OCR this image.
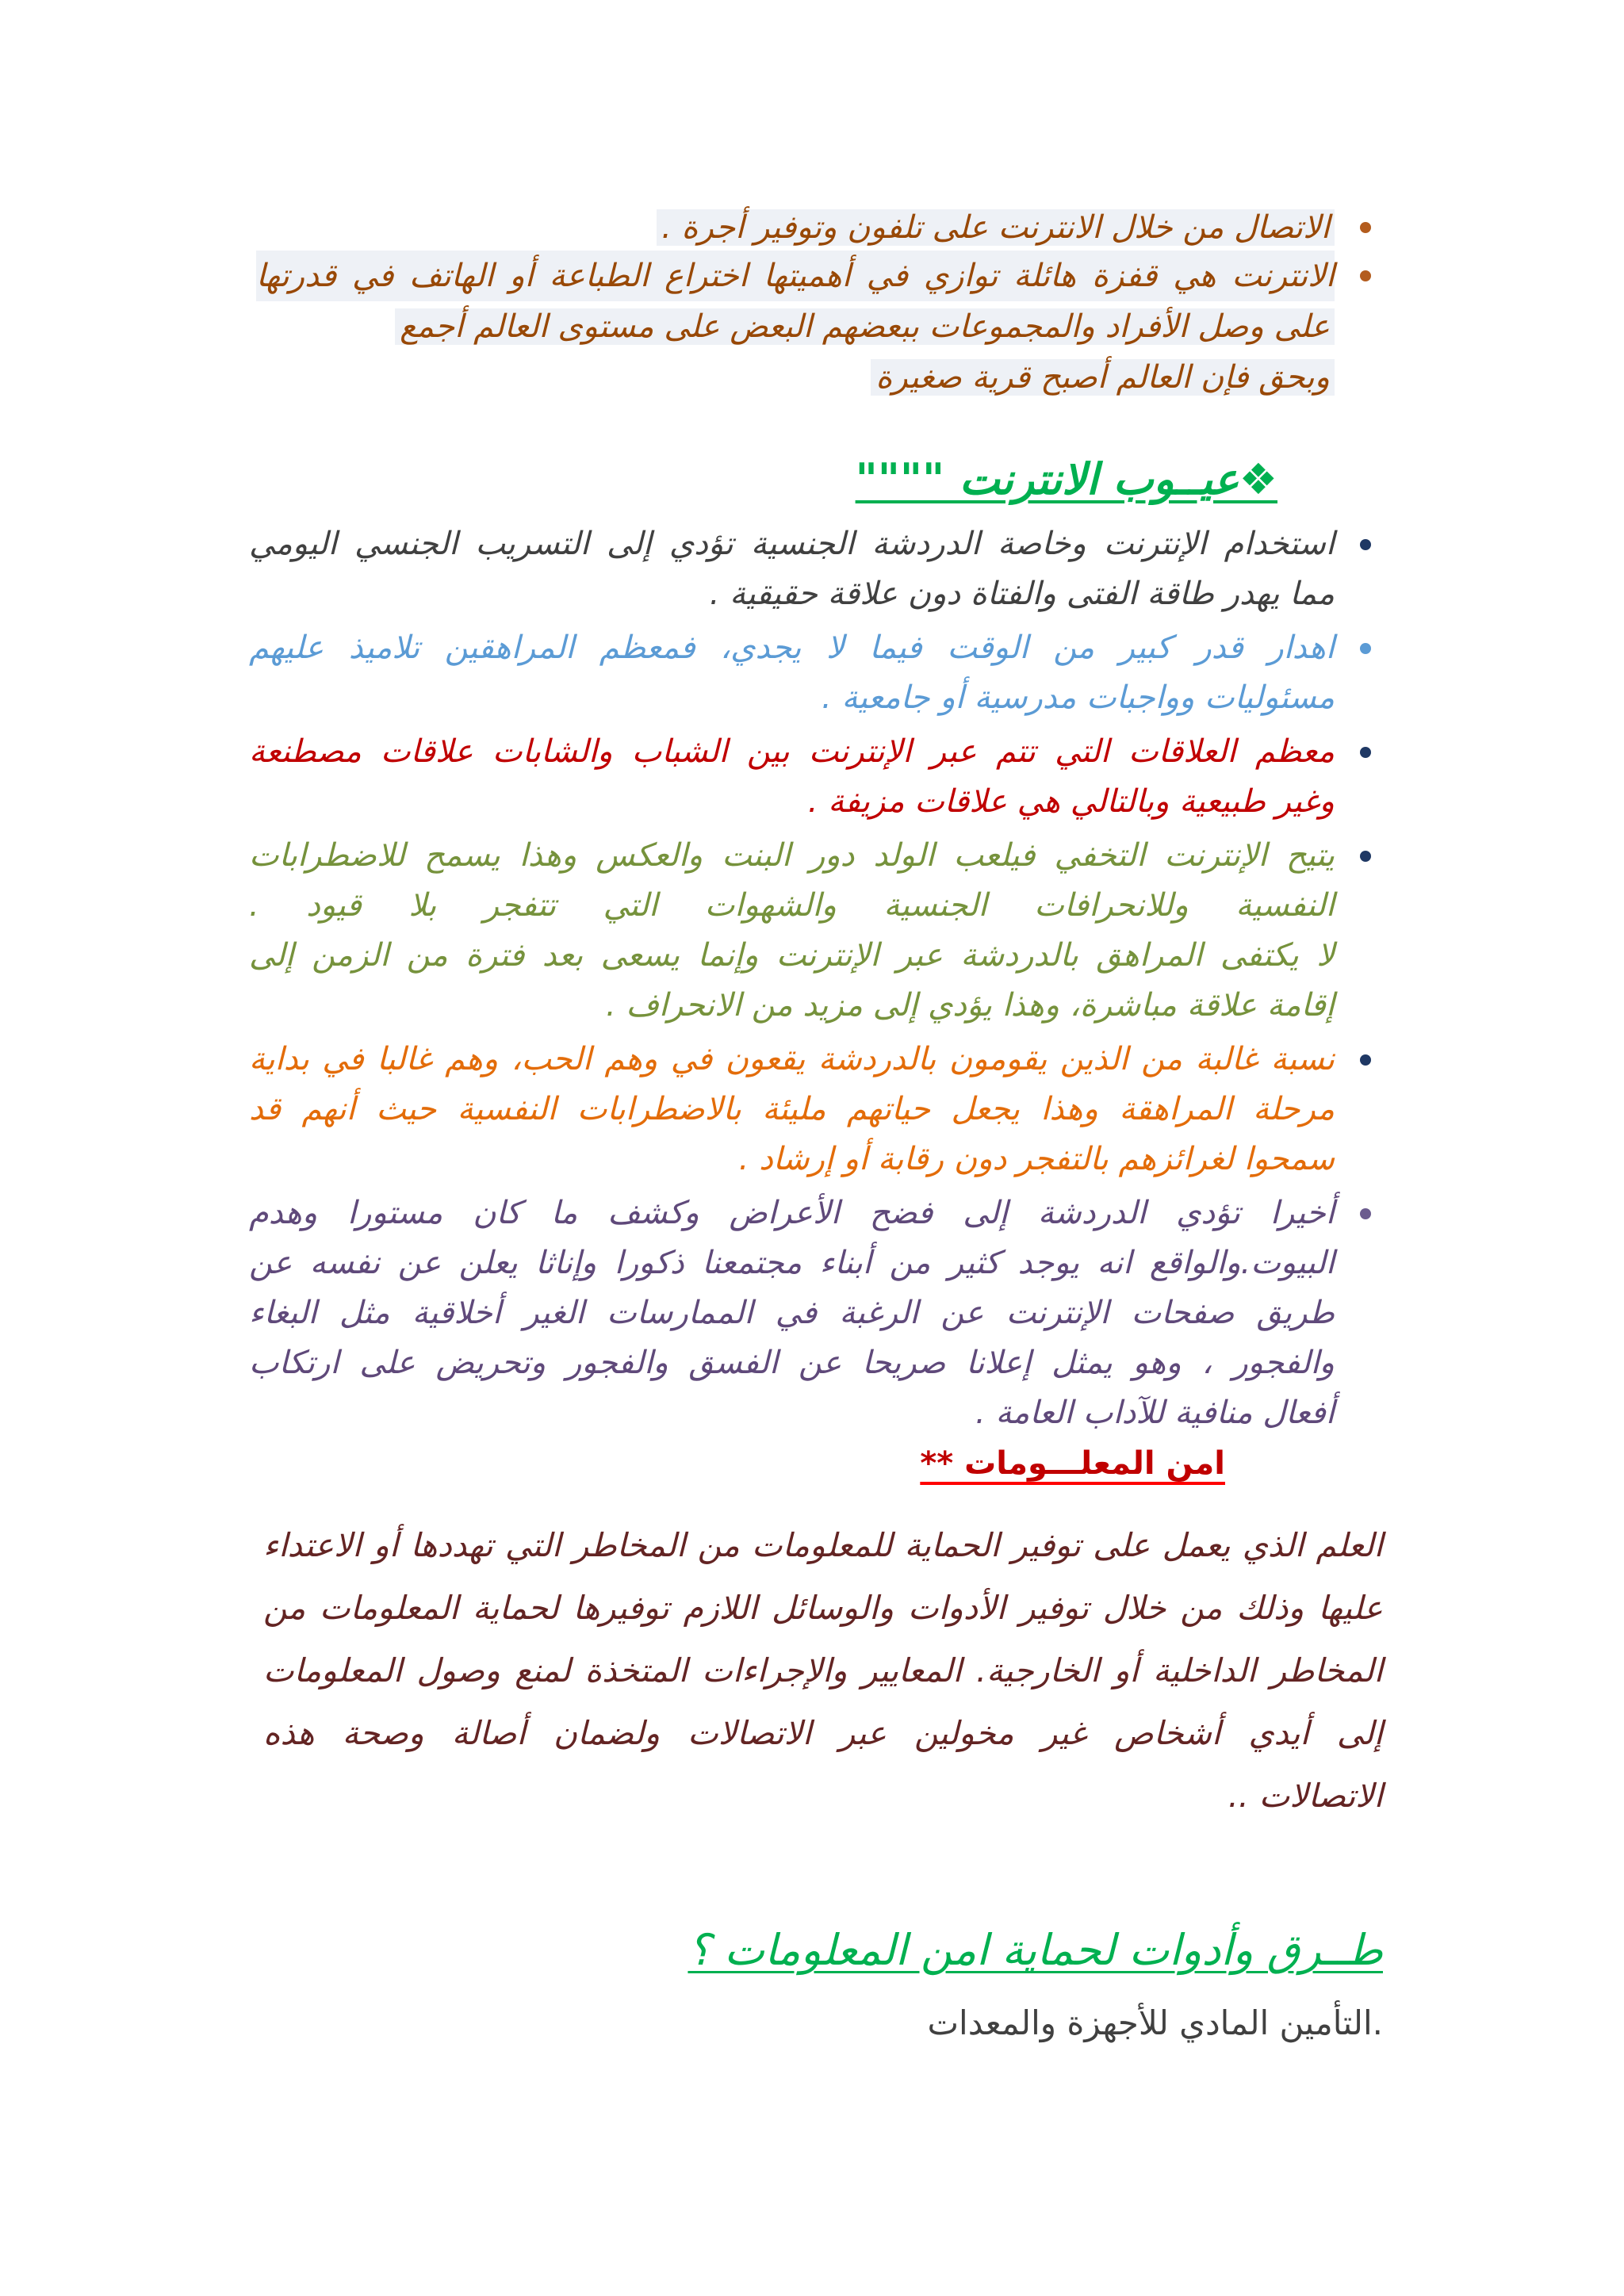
الاتصال من خلال الانترنت على تلفون وتوفير أجرة .
الانترنت هي قفزة هائلة توازي في أهميتها اختراع الطباعة أو الهاتف في قدرتها
على وصل الأفراد والمجموعات ببعضهم البعض على مستوى العالم أجمع
وبحق فإن العالم أصبح قرية صغيرة
❖عيــوب الانترنت """"
استخدام الإنترنت وخاصة الدردشة الجنسية تؤدي إلى التسريب الجنسي اليومي
مما يهدر طاقة الفتى والفتاة دون علاقة حقيقية .
اهدار قدر كبير من الوقت فيما لا يجدي، فمعظم المراهقين تلاميذ عليهم
مسئوليات وواجبات مدرسية أو جامعية .
معظم العلاقات التي تتم عبر الإنترنت بين الشباب والشابات علاقات مصطنعة
وغير طبيعية وبالتالي هي علاقات مزيفة .
يتيح الإنترنت التخفي فيلعب الولد دور البنت والعكس وهذا يسمح للاضطرابات
النفسية وللانحرافات الجنسية والشهوات التي تتفجر بلا قيود .
لا يكتفى المراهق بالدردشة عبر الإنترنت وإنما يسعى بعد فترة من الزمن إلى
إقامة علاقة مباشرة، وهذا يؤدي إلى مزيد من الانحراف .
نسبة غالبة من الذين يقومون بالدردشة يقعون في وهم الحب، وهم غالبا في بداية
مرحلة المراهقة وهذا يجعل حياتهم مليئة بالاضطرابات النفسية حيث أنهم قد
سمحوا لغرائزهم بالتفجر دون رقابة أو إرشاد .
أخيرا تؤدي الدردشة إلى فضح الأعراض وكشف ما كان مستورا وهدم
البيوت.والواقع انه يوجد كثير من أبناء مجتمعنا ذكورا وإناثا يعلن عن نفسه عن
طريق صفحات الإنترنت عن الرغبة في الممارسات الغير أخلاقية مثل البغاء
والفجور ، وهو يمثل إعلانا صريحا عن الفسق والفجور وتحريض على ارتكاب
أفعال منافية للآداب العامة .
امن المعلـــومات **
العلم الذي يعمل على توفير الحماية للمعلومات من المخاطر التي تهددها أو الاعتداء
عليها وذلك من خلال توفير الأدوات والوسائل اللازم توفيرها لحماية المعلومات من
المخاطر الداخلية أو الخارجية. المعايير والإجراءات المتخذة لمنع وصول المعلومات
إلى أيدي أشخاص غير مخولين عبر الاتصالات ولضمان أصالة وصحة هذه
الاتصالات ..
طــرق وأدوات لحماية امن المعلومات ؟
التأمين المادي للأجهزة والمعدات.
